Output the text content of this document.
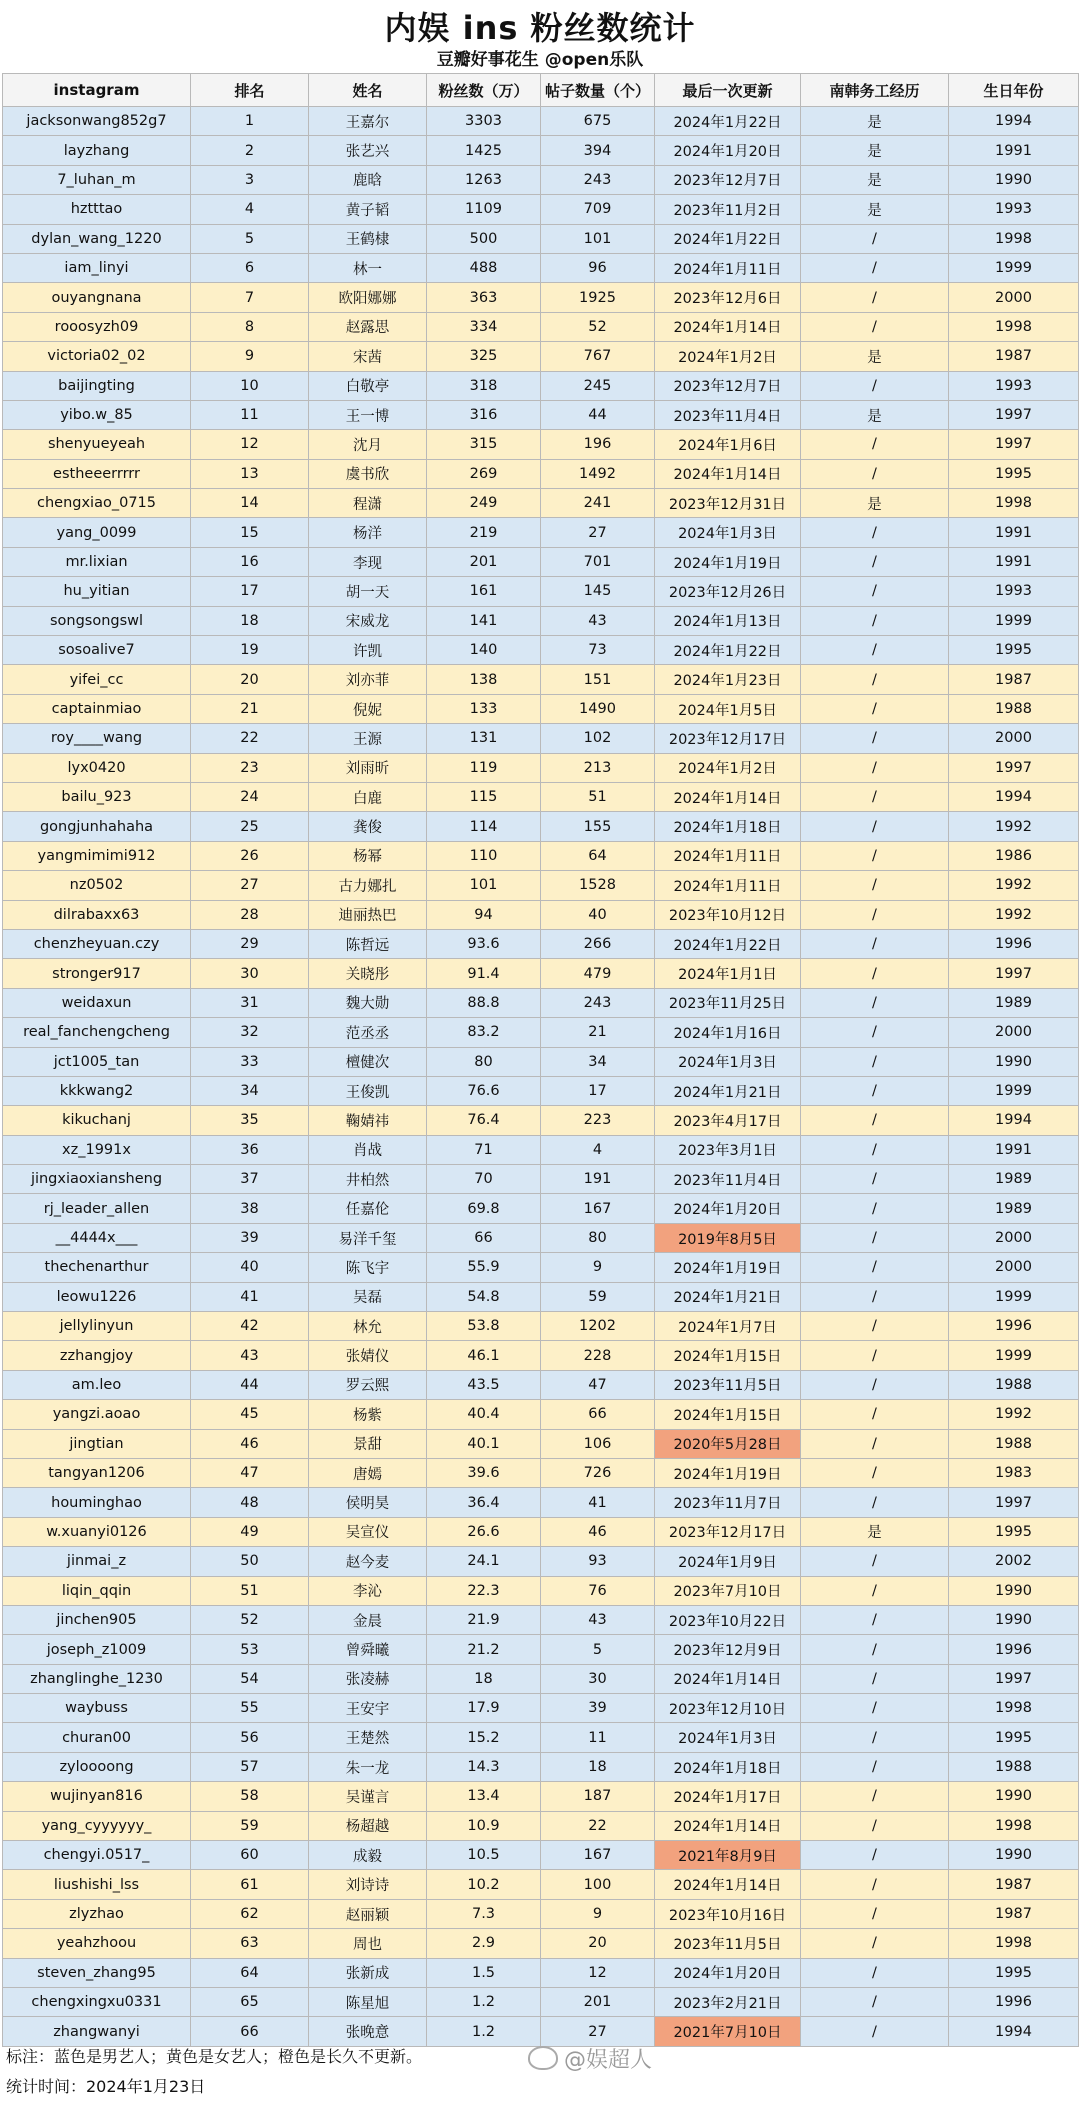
内娱 ins 粉丝数统计
豆瓣好事花生 @open乐队
instagram	排名	姓名	粉丝数（万）	帖子数量（个）	最后一次更新	南韩务工经历	生日年份
jacksonwang852g7	1	王嘉尔	3303	675	2024年1月22日	是	1994
layzhang	2	张艺兴	1425	394	2024年1月20日	是	1991
7_luhan_m	3	鹿晗	1263	243	2023年12月7日	是	1990
hztttao	4	黄子韬	1109	709	2023年11月2日	是	1993
dylan_wang_1220	5	王鹤棣	500	101	2024年1月22日	/	1998
iam_linyi	6	林一	488	96	2024年1月11日	/	1999
ouyangnana	7	欧阳娜娜	363	1925	2023年12月6日	/	2000
rooosyzh09	8	赵露思	334	52	2024年1月14日	/	1998
victoria02_02	9	宋茜	325	767	2024年1月2日	是	1987
baijingting	10	白敬亭	318	245	2023年12月7日	/	1993
yibo.w_85	11	王一博	316	44	2023年11月4日	是	1997
shenyueyeah	12	沈月	315	196	2024年1月6日	/	1997
estheeerrrrr	13	虞书欣	269	1492	2024年1月14日	/	1995
chengxiao_0715	14	程潇	249	241	2023年12月31日	是	1998
yang_0099	15	杨洋	219	27	2024年1月3日	/	1991
mr.lixian	16	李现	201	701	2024年1月19日	/	1991
hu_yitian	17	胡一天	161	145	2023年12月26日	/	1993
songsongswl	18	宋威龙	141	43	2024年1月13日	/	1999
sosoalive7	19	许凯	140	73	2024年1月22日	/	1995
yifei_cc	20	刘亦菲	138	151	2024年1月23日	/	1987
captainmiao	21	倪妮	133	1490	2024年1月5日	/	1988
roy____wang	22	王源	131	102	2023年12月17日	/	2000
lyx0420	23	刘雨昕	119	213	2024年1月2日	/	1997
bailu_923	24	白鹿	115	51	2024年1月14日	/	1994
gongjunhahaha	25	龚俊	114	155	2024年1月18日	/	1992
yangmimimi912	26	杨幂	110	64	2024年1月11日	/	1986
nz0502	27	古力娜扎	101	1528	2024年1月11日	/	1992
dilrabaxx63	28	迪丽热巴	94	40	2023年10月12日	/	1992
chenzheyuan.czy	29	陈哲远	93.6	266	2024年1月22日	/	1996
stronger917	30	关晓彤	91.4	479	2024年1月1日	/	1997
weidaxun	31	魏大勋	88.8	243	2023年11月25日	/	1989
real_fanchengcheng	32	范丞丞	83.2	21	2024年1月16日	/	2000
jct1005_tan	33	檀健次	80	34	2024年1月3日	/	1990
kkkwang2	34	王俊凯	76.6	17	2024年1月21日	/	1999
kikuchanj	35	鞠婧祎	76.4	223	2023年4月17日	/	1994
xz_1991x	36	肖战	71	4	2023年3月1日	/	1991
jingxiaoxiansheng	37	井柏然	70	191	2023年11月4日	/	1989
rj_leader_allen	38	任嘉伦	69.8	167	2024年1月20日	/	1989
__4444x___	39	易洋千玺	66	80	2019年8月5日	/	2000
thechenarthur	40	陈飞宇	55.9	9	2024年1月19日	/	2000
leowu1226	41	吴磊	54.8	59	2024年1月21日	/	1999
jellylinyun	42	林允	53.8	1202	2024年1月7日	/	1996
zzhangjoy	43	张婧仪	46.1	228	2024年1月15日	/	1999
am.leo	44	罗云熙	43.5	47	2023年11月5日	/	1988
yangzi.aoao	45	杨紫	40.4	66	2024年1月15日	/	1992
jingtian	46	景甜	40.1	106	2020年5月28日	/	1988
tangyan1206	47	唐嫣	39.6	726	2024年1月19日	/	1983
houminghao	48	侯明昊	36.4	41	2023年11月7日	/	1997
w.xuanyi0126	49	吴宣仪	26.6	46	2023年12月17日	是	1995
jinmai_z	50	赵今麦	24.1	93	2024年1月9日	/	2002
liqin_qqin	51	李沁	22.3	76	2023年7月10日	/	1990
jinchen905	52	金晨	21.9	43	2023年10月22日	/	1990
joseph_z1009	53	曾舜曦	21.2	5	2023年12月9日	/	1996
zhanglinghe_1230	54	张凌赫	18	30	2024年1月14日	/	1997
waybuss	55	王安宇	17.9	39	2023年12月10日	/	1998
churan00	56	王楚然	15.2	11	2024年1月3日	/	1995
zyloooong	57	朱一龙	14.3	18	2024年1月18日	/	1988
wujinyan816	58	吴谨言	13.4	187	2024年1月17日	/	1990
yang_cyyyyyy_	59	杨超越	10.9	22	2024年1月14日	/	1998
chengyi.0517_	60	成毅	10.5	167	2021年8月9日	/	1990
liushishi_lss	61	刘诗诗	10.2	100	2024年1月14日	/	1987
zlyzhao	62	赵丽颖	7.3	9	2023年10月16日	/	1987
yeahzhoou	63	周也	2.9	20	2023年11月5日	/	1998
steven_zhang95	64	张新成	1.5	12	2024年1月20日	/	1995
chengxingxu0331	65	陈星旭	1.2	201	2023年2月21日	/	1996
zhangwanyi	66	张晚意	1.2	27	2021年7月10日	/	1994
标注：蓝色是男艺人；黄色是女艺人；橙色是长久不更新。
统计时间：2024年1月23日
@娱超人
